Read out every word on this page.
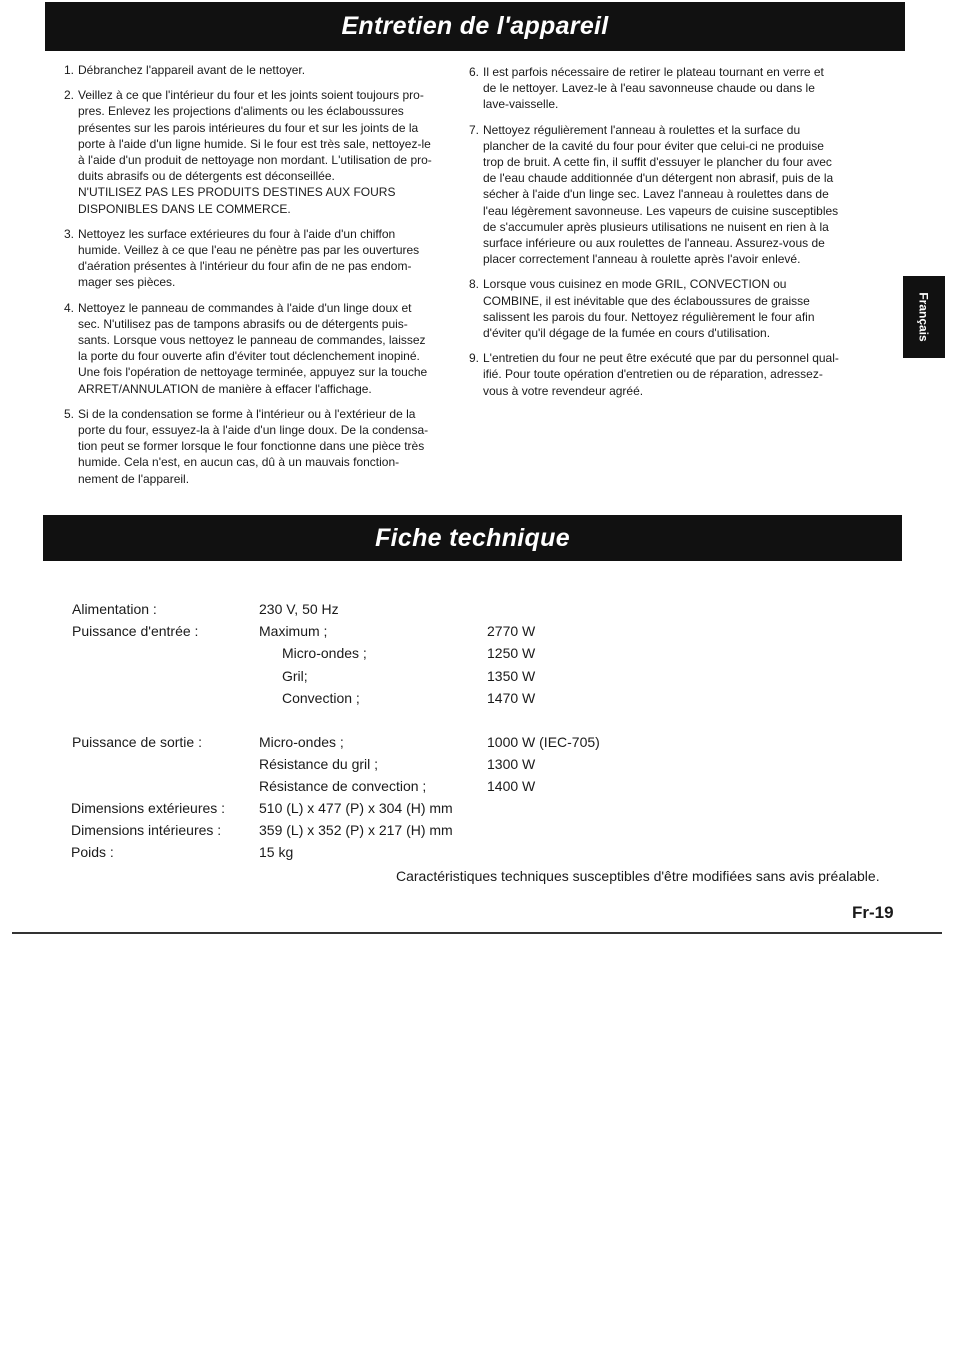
Entretien de l'appareil
1. Débranchez l'appareil avant de le nettoyer.
2. Veillez à ce que l'intérieur du four et les joints soient toujours pro-
pres. Enlevez les projections d'aliments ou les éclaboussures
présentes sur les parois intérieures du four et sur les joints de la
porte à l'aide d'un ligne humide. Si le four est très sale, nettoyez-le
à l'aide d'un produit de nettoyage non mordant. L'utilisation de pro-
duits abrasifs ou de détergents est déconseillée.
N'UTILISEZ PAS LES PRODUITS DESTINES AUX FOURS
DISPONIBLES DANS LE COMMERCE.
3. Nettoyez les surface extérieures du four à l'aide d'un chiffon
humide. Veillez à ce que l'eau ne pénètre pas par les ouvertures
d'aération présentes à l'intérieur du four afin de ne pas endom-
mager ses pièces.
4. Nettoyez le panneau de commandes à l'aide d'un linge doux et
sec. N'utilisez pas de tampons abrasifs ou de détergents puis-
sants. Lorsque vous nettoyez le panneau de commandes, laissez
la porte du four ouverte afin d'éviter tout déclenchement inopiné.
Une fois l'opération de nettoyage terminée, appuyez sur la touche
ARRET/ANNULATION de manière à effacer l'affichage.
5. Si de la condensation se forme à l'intérieur ou à l'extérieur de la
porte du four, essuyez-la à l'aide d'un linge doux. De la condensa-
tion peut se former lorsque le four fonctionne dans une pièce très
humide. Cela n'est, en aucun cas, dû à un mauvais fonction-
nement de l'appareil.
6. Il est parfois nécessaire de retirer le plateau tournant en verre et
de le nettoyer. Lavez-le à l'eau savonneuse chaude ou dans le
lave-vaisselle.
7. Nettoyez régulièrement l'anneau à roulettes et la surface du
plancher de la cavité du four pour éviter que celui-ci ne produise
trop de bruit. A cette fin, il suffit d'essuyer le plancher du four avec
de l'eau chaude additionnée d'un détergent non abrasif, puis de la
sécher à l'aide d'un linge sec. Lavez l'anneau à roulettes dans de
l'eau légèrement savonneuse. Les vapeurs de cuisine susceptibles
de s'accumuler après plusieurs utilisations ne nuisent en rien à la
surface inférieure ou aux roulettes de l'anneau. Assurez-vous de
placer correctement l'anneau à roulette après l'avoir enlevé.
8. Lorsque vous cuisinez en mode GRIL, CONVECTION ou
COMBINE, il est inévitable que des éclaboussures de graisse
salissent les parois du four. Nettoyez régulièrement le four afin
d'éviter qu'il dégage de la fumée en cours d'utilisation.
9. L'entretien du four ne peut être exécuté que par du personnel qual-
ifié. Pour toute opération d'entretien ou de réparation, adressez-
vous à votre revendeur agréé.
Français
Fiche technique
Alimentation :	230 V, 50 Hz
Puissance d'entrée :	Maximum ;	2770 W
Micro-ondes ;	1250 W
Gril;	1350 W
Convection ;	1470 W
Puissance de sortie :	Micro-ondes ;	1000 W (IEC-705)
Résistance du gril ;	1300 W
Résistance de convection ;	1400 W
Dimensions extérieures : 510 (L) x 477 (P) x 304 (H) mm
Dimensions intérieures :	359 (L) x 352 (P) x 217 (H) mm
Poids :	15 kg
Caractéristiques techniques susceptibles d'être modifiées sans avis préalable.
Fr-19
